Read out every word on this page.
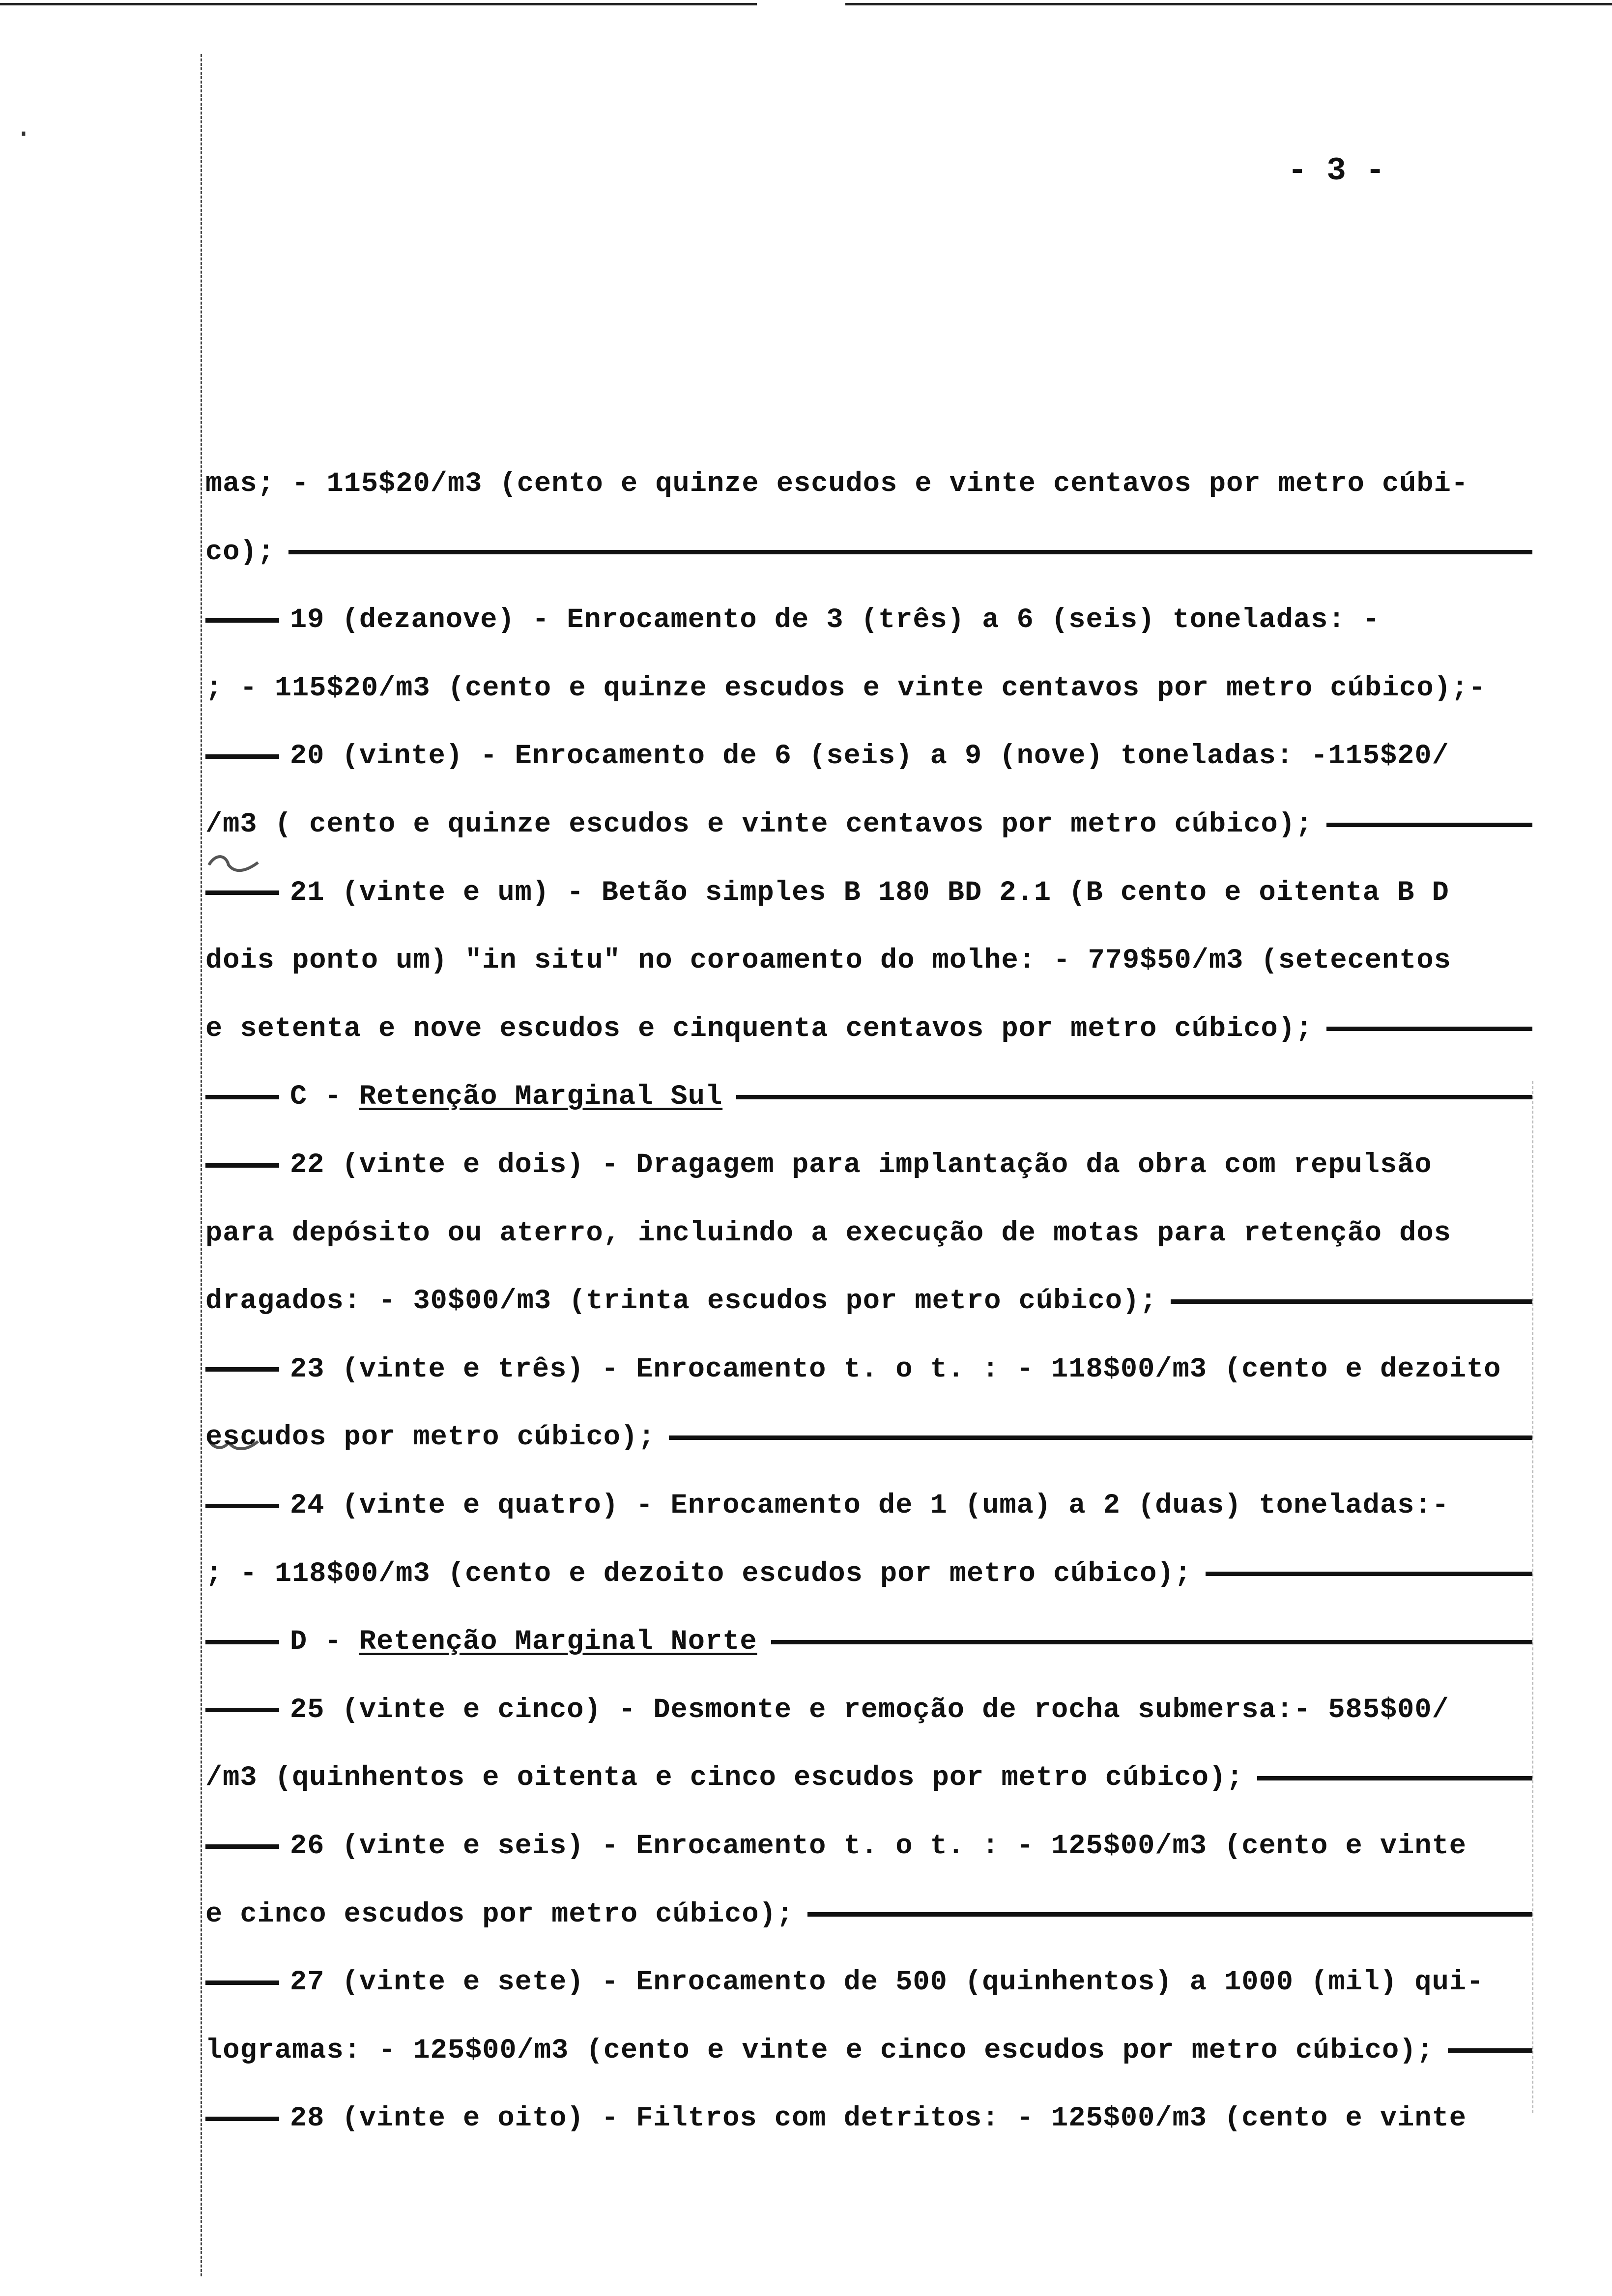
·
- 3 -
mas; - 115$20/m3 (cento e quinze escudos e vinte centavos por metro cúbi-
co);
19 (dezanove) - Enrocamento de 3 (três) a 6 (seis) toneladas: -
; - 115$20/m3 (cento e quinze escudos e vinte centavos por metro cúbico);-
20 (vinte) - Enrocamento de 6 (seis) a 9 (nove) toneladas: -115$20/
/m3 ( cento e quinze escudos e vinte centavos por metro cúbico);
21 (vinte e um) - Betão simples B 180 BD 2.1 (B cento e oitenta B D
dois ponto um) "in situ" no coroamento do molhe: - 779$50/m3 (setecentos
e setenta e nove escudos e cinquenta centavos por metro cúbico);
C - Retenção Marginal Sul
22 (vinte e dois) - Dragagem para implantação da obra com repulsão
para depósito ou aterro, incluindo a execução de motas para retenção dos
dragados: - 30$00/m3 (trinta escudos por metro cúbico);
23 (vinte e três) - Enrocamento t. o t. : - 118$00/m3 (cento e dezoito
escudos por metro cúbico);
24 (vinte e quatro) - Enrocamento de 1 (uma) a 2 (duas) toneladas:-
; - 118$00/m3 (cento e dezoito escudos por metro cúbico);
D - Retenção Marginal Norte
25 (vinte e cinco) - Desmonte e remoção de rocha submersa:- 585$00/
/m3 (quinhentos e oitenta e cinco escudos por metro cúbico);
26 (vinte e seis) - Enrocamento t. o t. : - 125$00/m3 (cento e vinte
e cinco escudos por metro cúbico);
27 (vinte e sete) - Enrocamento de 500 (quinhentos) a 1000 (mil) qui-
logramas: - 125$00/m3 (cento e vinte e cinco escudos por metro cúbico);
28 (vinte e oito) - Filtros com detritos: - 125$00/m3 (cento e vinte
